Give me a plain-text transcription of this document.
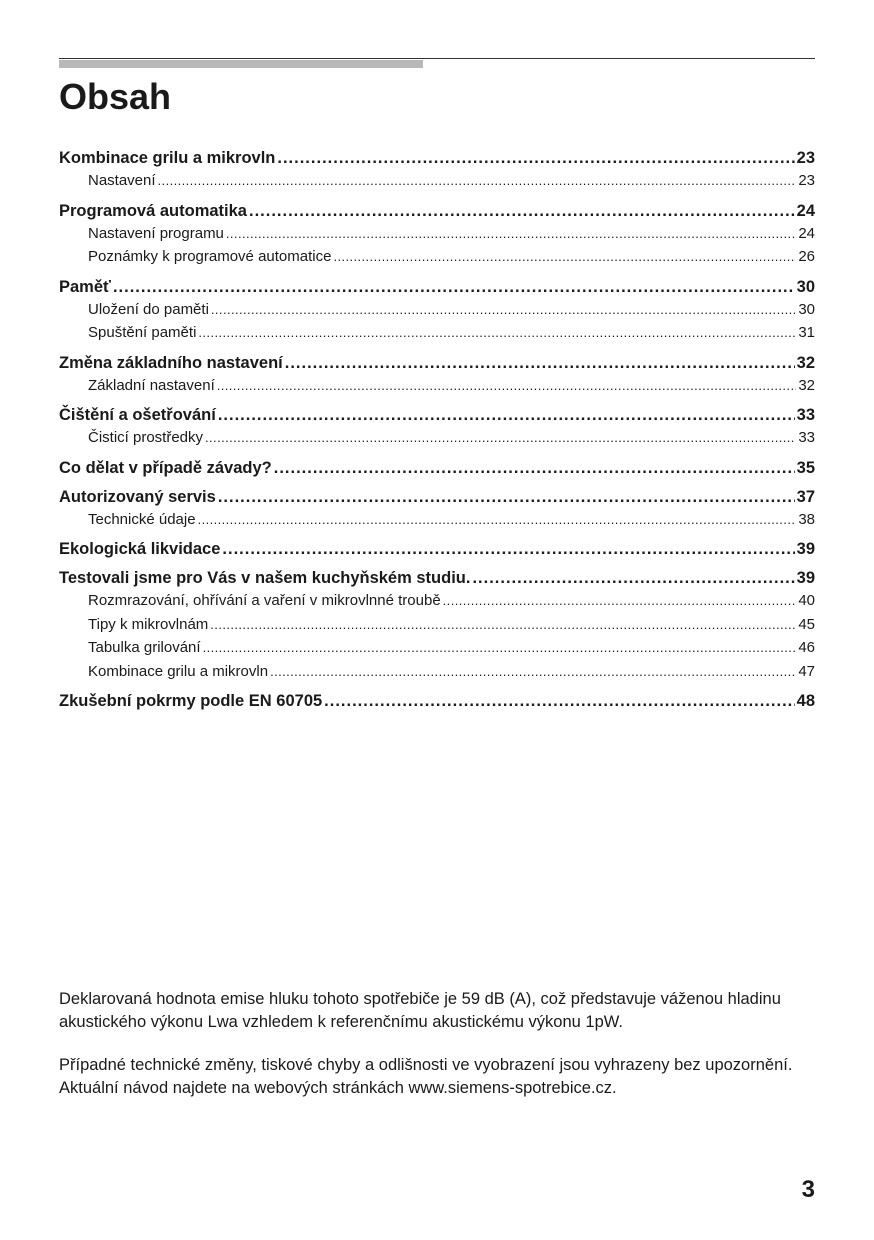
Obsah
Kombinace grilu a mikrovln .....	23
Nastavení .....	23
Programová automatika .....	24
Nastavení programu .....	24
Poznámky k programové automatice .....	26
Paměť .....	30
Uložení do paměti .....	30
Spuštění paměti .....	31
Změna základního nastavení .....	32
Základní nastavení .....	32
Čištění a ošetřování .....	33
Čisticí prostředky .....	33
Co dělat v případě závady? .....	35
Autorizovaný servis .....	37
Technické údaje .....	38
Ekologická likvidace .....	39
Testovali jsme pro Vás v našem kuchyňském studiu. .....	39
Rozmrazování, ohřívání a vaření v mikrovlnné troubě .....	40
Tipy k mikrovlnám .....	45
Tabulka grilování .....	46
Kombinace grilu a mikrovln .....	47
Zkušební pokrmy podle EN 60705 .....	48

Deklarovaná hodnota emise hluku tohoto spotřebiče je 59 dB (A), což představuje váženou hladinu akustického výkonu Lwa vzhledem k referenčnímu akustickému výkonu 1pW.

Případné technické změny, tiskové chyby a odlišnosti ve vyobrazení jsou vyhrazeny bez upozornění. Aktuální návod najdete na webových stránkách www.siemens-spotrebice.cz.

3
